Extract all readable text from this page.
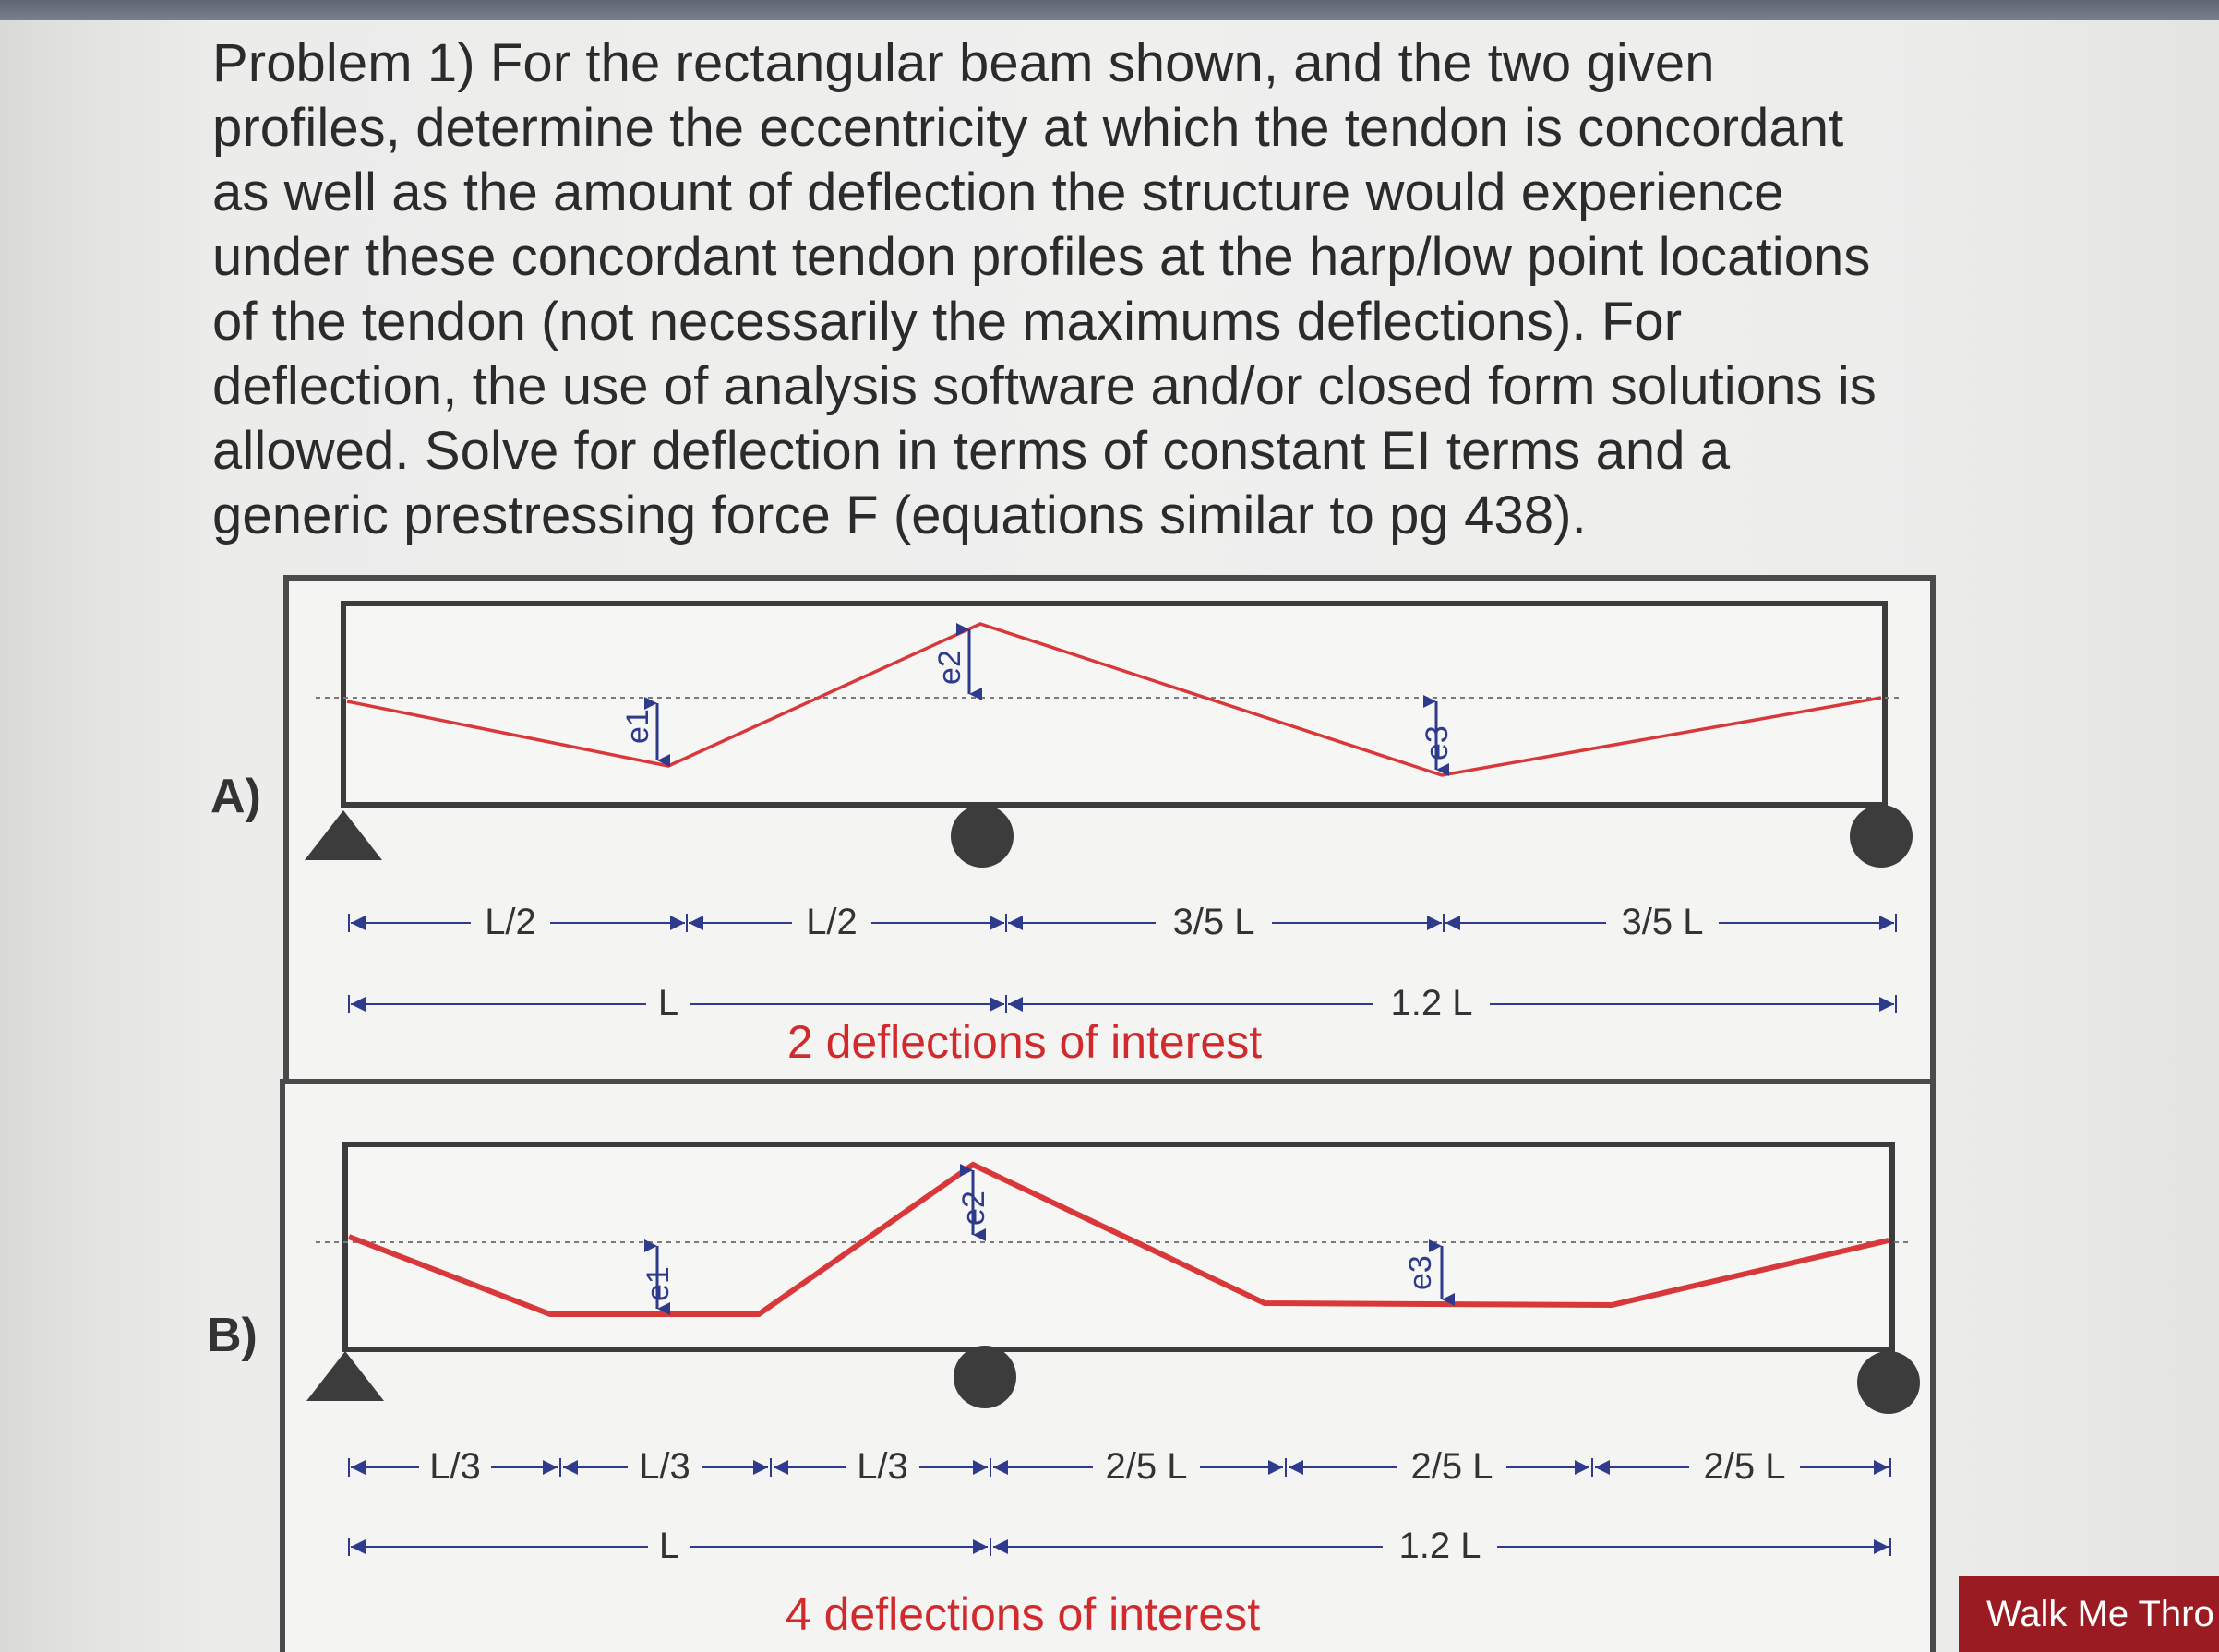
Problem 1) For the rectangular beam shown, and the two given
profiles, determine the eccentricity at which the tendon is concordant
as well as the amount of deflection the structure would experience
under these concordant tendon profiles at the harp/low point locations
of the tendon (not necessarily the maximums deflections). For
deflection, the use of analysis software and/or closed form solutions is
allowed. Solve for deflection in terms of constant EI terms and a
generic prestressing force F (equations similar to pg 438).

A)
e1
e2
e3
L/2	L/2	3/5 L	3/5 L
L	1.2 L
2 deflections of interest
B)
e1
e2
e3
L/3	L/3	L/3	2/5 L	2/5 L	2/5 L
L	1.2 L
4 deflections of interest	Walk Me Thro
